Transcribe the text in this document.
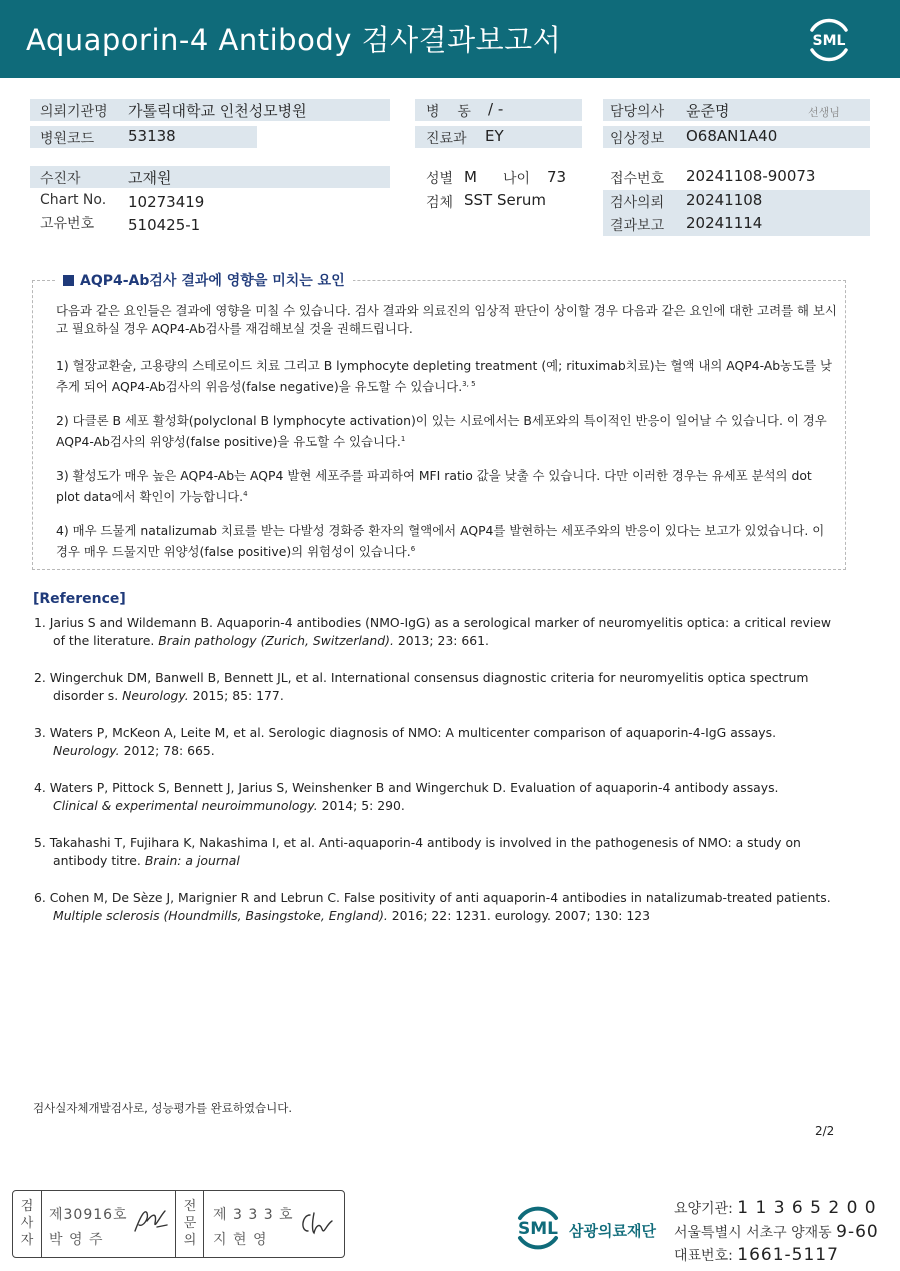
Aquaporin-4 Antibody 검사결과보고서	SML
의뢰기관명 가톨릭대학교 인천성모병원
병원코드 53138
병    동 / -
진료과 EY
담당의사 윤준명	선생님
임상정보 O68AN1A40
수진자	고재원
Chart No. 10273419
고유번호 510425-1
성별 M 나이 73
검체 SST Serum
접수번호 20241108-90073
검사의뢰 20241108
결과보고 20241114
AQP4-Ab검사 결과에 영향을 미치는 요인
다음과 같은 요인들은 결과에 영향을 미칠 수 있습니다. 검사 결과와 의료진의 임상적 판단이 상이할 경우 다음과 같은 요인에 대한 고려를 해 보시고 필요하실 경우 AQP4-Ab검사를 재검해보실 것을 권해드립니다.
1) 혈장교환술, 고용량의 스테로이드 치료 그리고 B lymphocyte depleting treatment (예; rituximab치료)는 혈액 내의 AQP4-Ab농도를 낮추게 되어 AQP4-Ab검사의 위음성(false negative)을 유도할 수 있습니다.$^{3, 5}$
2) 다클론 B 세포 활성화(polyclonal B lymphocyte activation)이 있는 시료에서는 B세포와의 특이적인 반응이 일어날 수 있습니다. 이 경우 AQP4-Ab검사의 위양성(false positive)을 유도할 수 있습니다.$^1$
3) 활성도가 매우 높은 AQP4-Ab는 AQP4 발현 세포주를 파괴하여 MFI ratio 값을 낮출 수 있습니다. 다만 이러한 경우는 유세포 분석의 dot plot data에서 확인이 가능합니다.$^4$
4) 매우 드물게 natalizumab 치료를 받는 다발성 경화증 환자의 혈액에서 AQP4를 발현하는 세포주와의 반응이 있다는 보고가 있었습니다. 이 경우 매우 드물지만 위양성(false positive)의 위험성이 있습니다.$^6$
[Reference]
1. Jarius S and Wildemann B. Aquaporin-4 antibodies (NMO-IgG) as a serological marker of neuromyelitis optica: a critical review
of the literature. Brain pathology (Zurich, Switzerland). 2013; 23: 661.
2. Wingerchuk DM, Banwell B, Bennett JL, et al. International consensus diagnostic criteria for neuromyelitis optica spectrum
disorder s. Neurology. 2015; 85: 177.
3. Waters P, McKeon A, Leite M, et al. Serologic diagnosis of NMO: A multicenter comparison of aquaporin-4-IgG assays.
Neurology. 2012; 78: 665.
4. Waters P, Pittock S, Bennett J, Jarius S, Weinshenker B and Wingerchuk D. Evaluation of aquaporin-4 antibody assays.
Clinical & experimental neuroimmunology. 2014; 5: 290.
5. Takahashi T, Fujihara K, Nakashima I, et al. Anti-aquaporin-4 antibody is involved in the pathogenesis of NMO: a study on
antibody titre. Brain: a journal
6. Cohen M, De Sèze J, Marignier R and Lebrun C. False positivity of anti aquaporin-4 antibodies in natalizumab-treated patients.
Multiple sclerosis (Houndmills, Basingstoke, England). 2016; 22: 1231. eurology. 2007; 130: 123
검사실자체개발검사로, 성능평가를 완료하였습니다.
2/2
검사자
제30916호
박 영 주
전문의
제 3 3 3 호
지 현 영
SML 삼광의료재단
요양기관: 1 1 3 6 5 2 0 0
서울특별시 서초구 양재동 9-60
대표번호: 1661-5117
